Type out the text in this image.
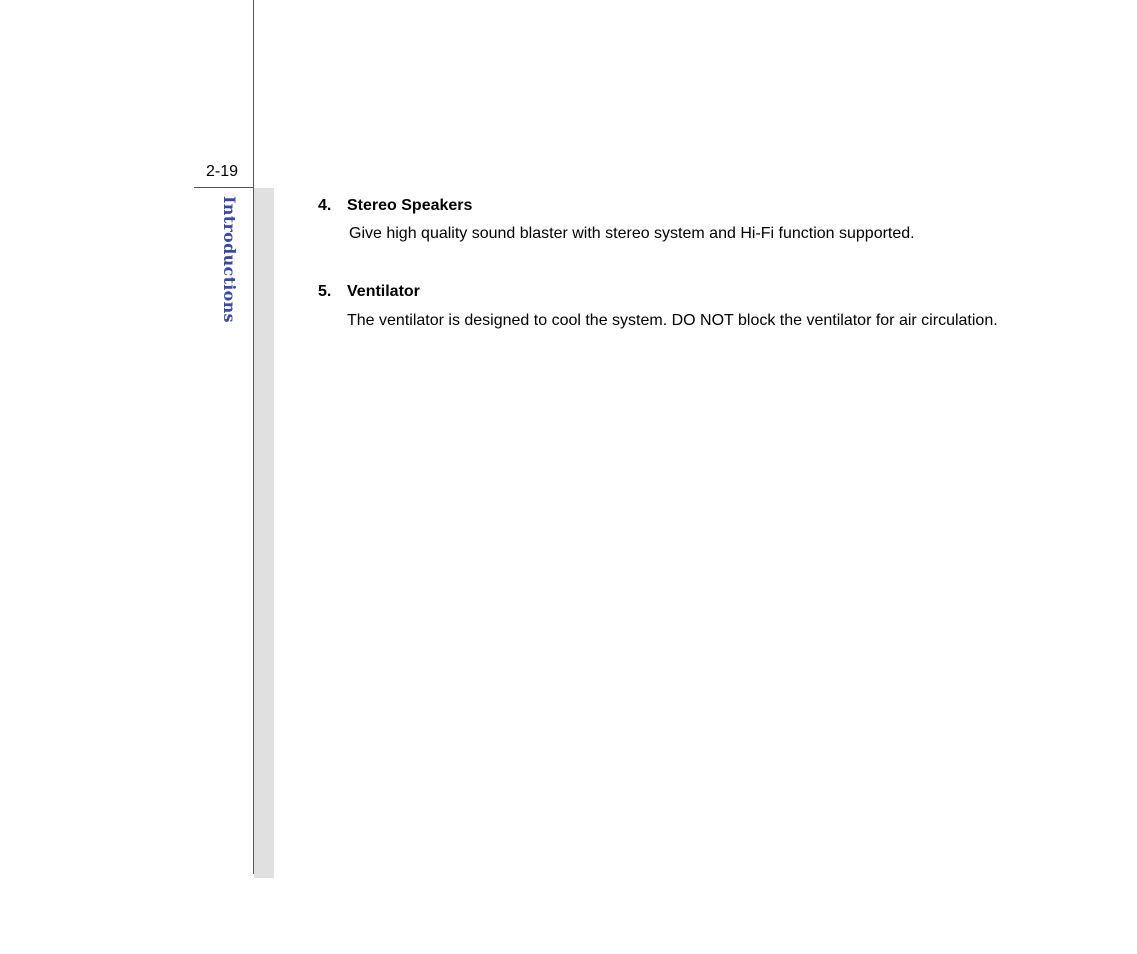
2-19
Introductions	4. Stereo Speakers
Give high quality sound blaster with stereo system and Hi-Fi function supported.
5. Ventilator
The ventilator is designed to cool the system. DO NOT block the ventilator for air circulation.
